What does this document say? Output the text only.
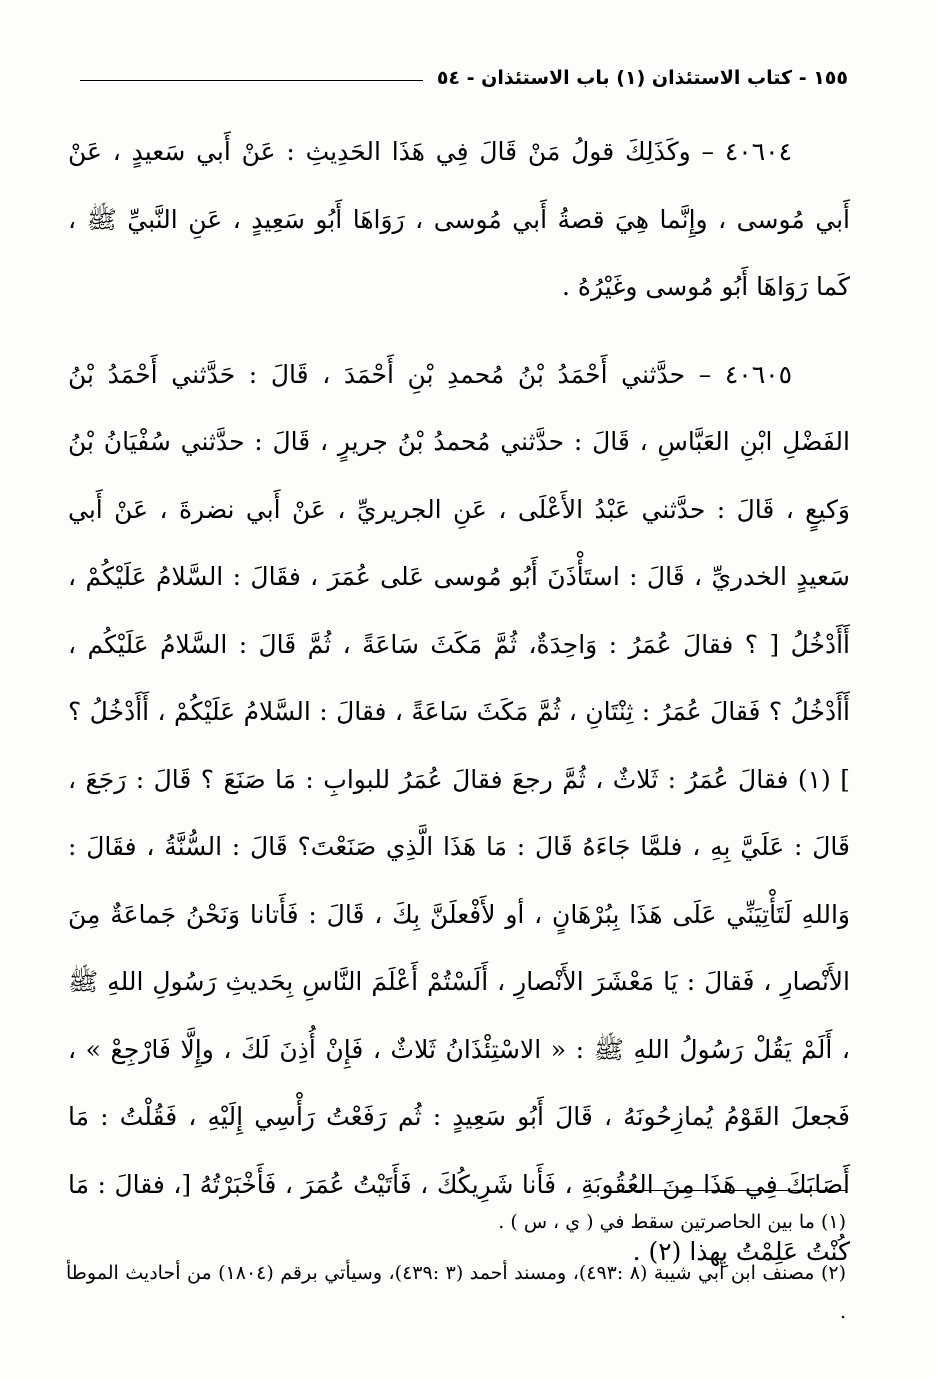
١٥٥ - كتاب الاستئذان (١) باب الاستئذان - ٥٤

٤٠٦٠٤ – وكَذَلِكَ قولُ مَنْ قَالَ فِي هَذَا الحَدِيثِ : عَنْ أَبي سَعيدٍ ، عَنْ أَبي مُوسى ، وإِنَّما هِيَ قصةُ أَبي مُوسى ، رَوَاهَا أَبُو سَعِيدٍ ، عَنِ النَّبيِّ ﷺ ، كَما رَوَاهَا أَبُو مُوسى وغَيْرُهُ .

٤٠٦٠٥ – حدَّثني أَحْمَدُ بْنُ مُحمدِ بْنِ أَحْمَدَ ، قَالَ : حَدَّثني أَحْمَدُ بْنُ الفَضْلِ ابْنِ العَبَّاسِ ، قَالَ : حدَّثني مُحمدُ بْنُ جريرٍ ، قَالَ : حدَّثني سُفْيَانُ بْنُ وَكيعٍ ، قَالَ : حدَّثني عَبْدُ الأَعْلَى ، عَنِ الجريريِّ ، عَنْ أَبي نضرةَ ، عَنْ أَبي سَعيدٍ الخدريِّ ، قَالَ : استَأْذَنَ أَبُو مُوسى عَلى عُمَرَ ، فقَالَ : السَّلامُ عَلَيْكُمْ ، أَأَدْخُلُ [ ؟ فقالَ عُمَرُ : وَاحِدَةٌ، ثُمَّ مَكَثَ سَاعَةً ، ثُمَّ قَالَ : السَّلامُ عَلَيْكُم ، أَأَدْخُلُ ؟ فَقالَ عُمَرُ : ثِنْتَانِ ، ثُمَّ مَكَثَ سَاعَةً ، فقالَ : السَّلامُ عَلَيْكُمْ ، أَأَدْخُلُ ؟ ] (١) فقالَ عُمَرُ : ثَلاثٌ ، ثُمَّ رجعَ فقالَ عُمَرُ للبوابِ : مَا صَنَعَ ؟ قَالَ : رَجَعَ ، قَالَ : عَلَيَّ بِهِ ، فلمَّا جَاءَهُ قَالَ : مَا هَذَا الَّذِي صَنَعْتَ؟ قَالَ : السُّنَّةُ ، فقَالَ : وَاللهِ لَتَأْتِيَنِّي عَلَى هَذَا بِبُرْهَانٍ ، أو لأَفْعلَنَّ بِكَ ، قَالَ : فَأَتانا وَنَحْنُ جَماعَةٌ مِنَ الأَنْصارِ ، فَقالَ : يَا مَعْشَرَ الأَنْصارِ ، أَلَسْتُمْ أَعْلَمَ النَّاسِ بِحَديثِ رَسُولِ اللهِ ﷺ ، أَلَمْ يَقُلْ رَسُولُ اللهِ ﷺ : « الاسْتِئْذَانُ ثَلاثٌ ، فَإِنْ أُذِنَ لَكَ ، وإِلَّا فَارْجِعْ » ، فَجعلَ القَوْمُ يُمازِحُونَهُ ، قَالَ أَبُو سَعِيدٍ : ثُم رَفَعْتُ رَأْسِي إِلَيْهِ ، فَقُلْتُ : مَا أَصَابَكَ فِي هَذَا مِنَ العُقُوبَةِ ، فَأَنا شَرِيكُكَ ، فَأَتَيْتُ عُمَرَ ، فَأَخْبَرْتُهُ [، فقالَ : مَا كُنْتُ عَلِمْتُ بِهذا (٢) .

(١) ما بين الحاصرتين سقط في ( ي ، س ) .

(٢) مصنف ابن أبي شيبة (٨ :٤٩٣)، ومسند أحمد (٣ :٤٣٩)، وسيأتي برقم (١٨٠٤) من أحاديث الموطأ .
